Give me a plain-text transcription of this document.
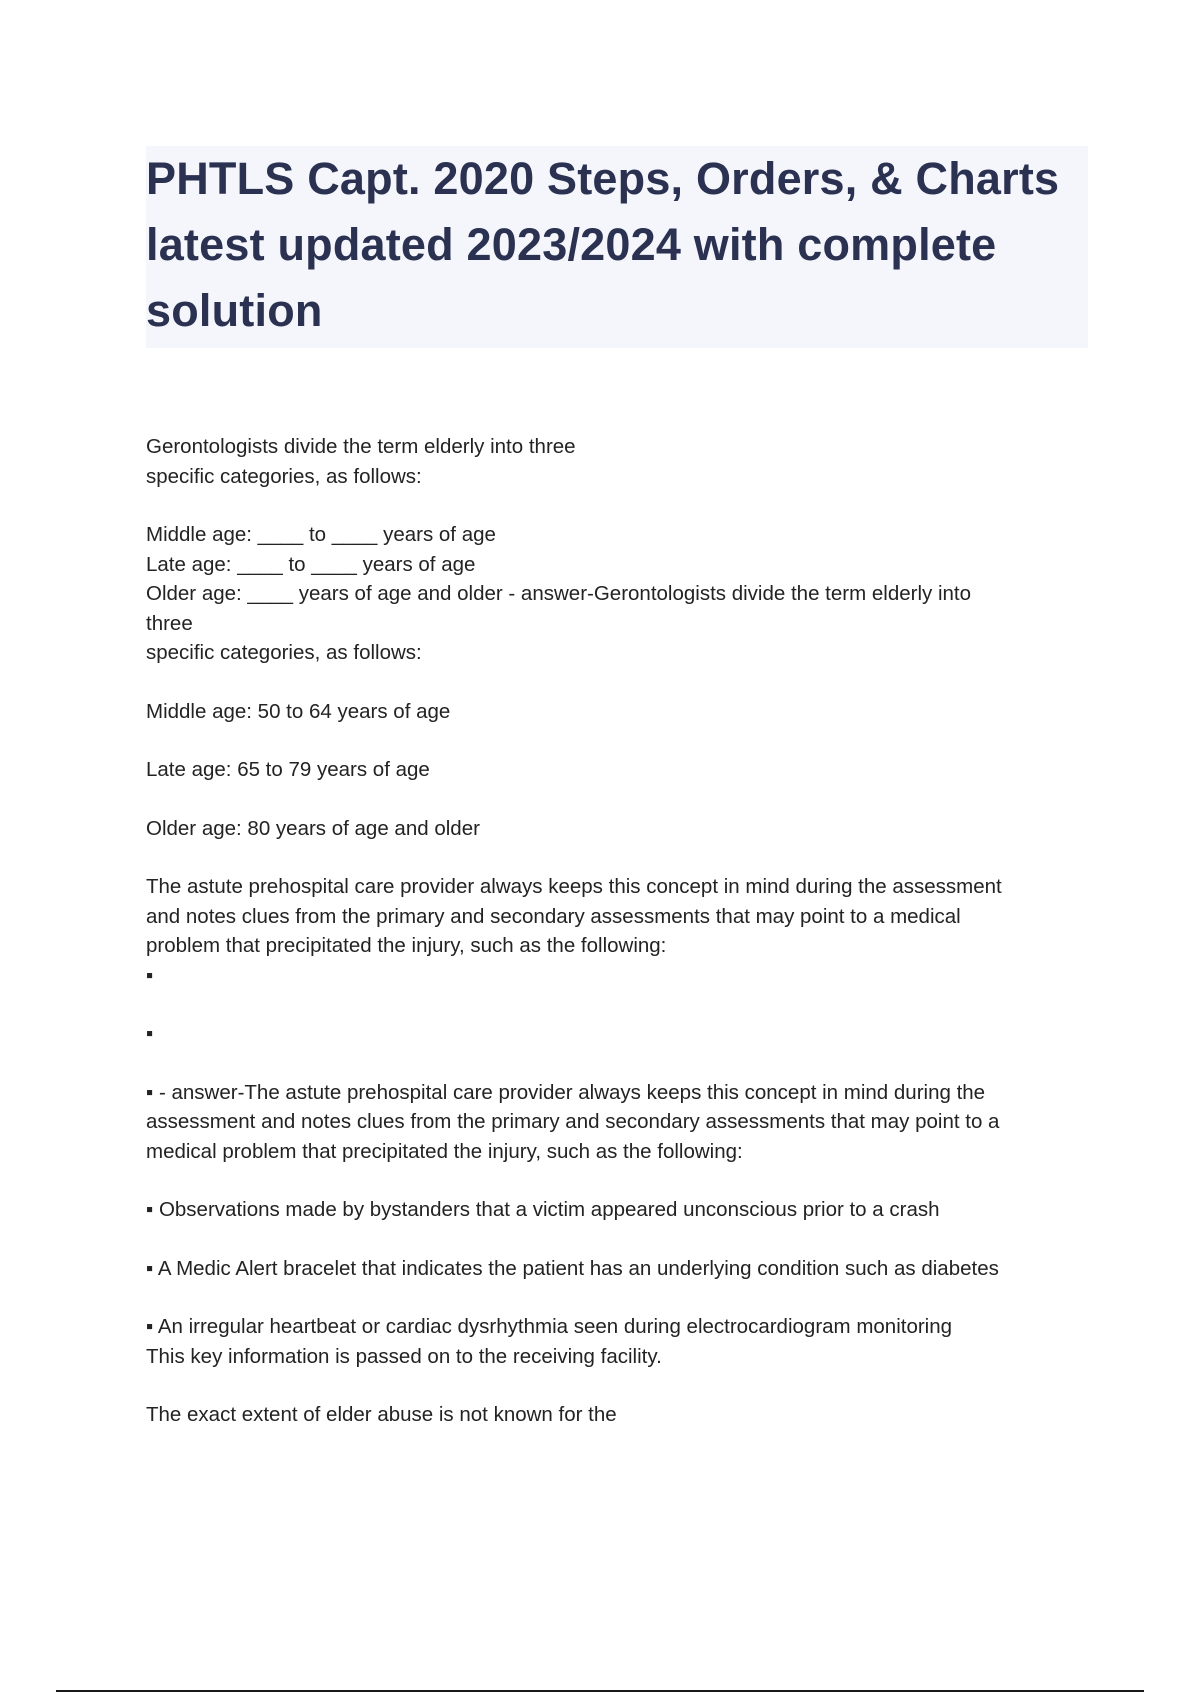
PHTLS Capt. 2020 Steps, Orders, & Charts latest updated 2023/2024 with complete solution

Gerontologists divide the term elderly into three
specific categories, as follows:

Middle age: ____ to ____ years of age
Late age: ____ to ____ years of age
Older age: ____ years of age and older - answer-Gerontologists divide the term elderly into
three
specific categories, as follows:

Middle age: 50 to 64 years of age

Late age: 65 to 79 years of age

Older age: 80 years of age and older

The astute prehospital care provider always keeps this concept in mind during the assessment
and notes clues from the primary and secondary assessments that may point to a medical
problem that precipitated the injury, such as the following:
▪

▪

▪ - answer-The astute prehospital care provider always keeps this concept in mind during the
assessment and notes clues from the primary and secondary assessments that may point to a
medical problem that precipitated the injury, such as the following:

▪ Observations made by bystanders that a victim appeared unconscious prior to a crash

▪ A Medic Alert bracelet that indicates the patient has an underlying condition such as diabetes

▪ An irregular heartbeat or cardiac dysrhythmia seen during electrocardiogram monitoring
This key information is passed on to the receiving facility.

The exact extent of elder abuse is not known for the
